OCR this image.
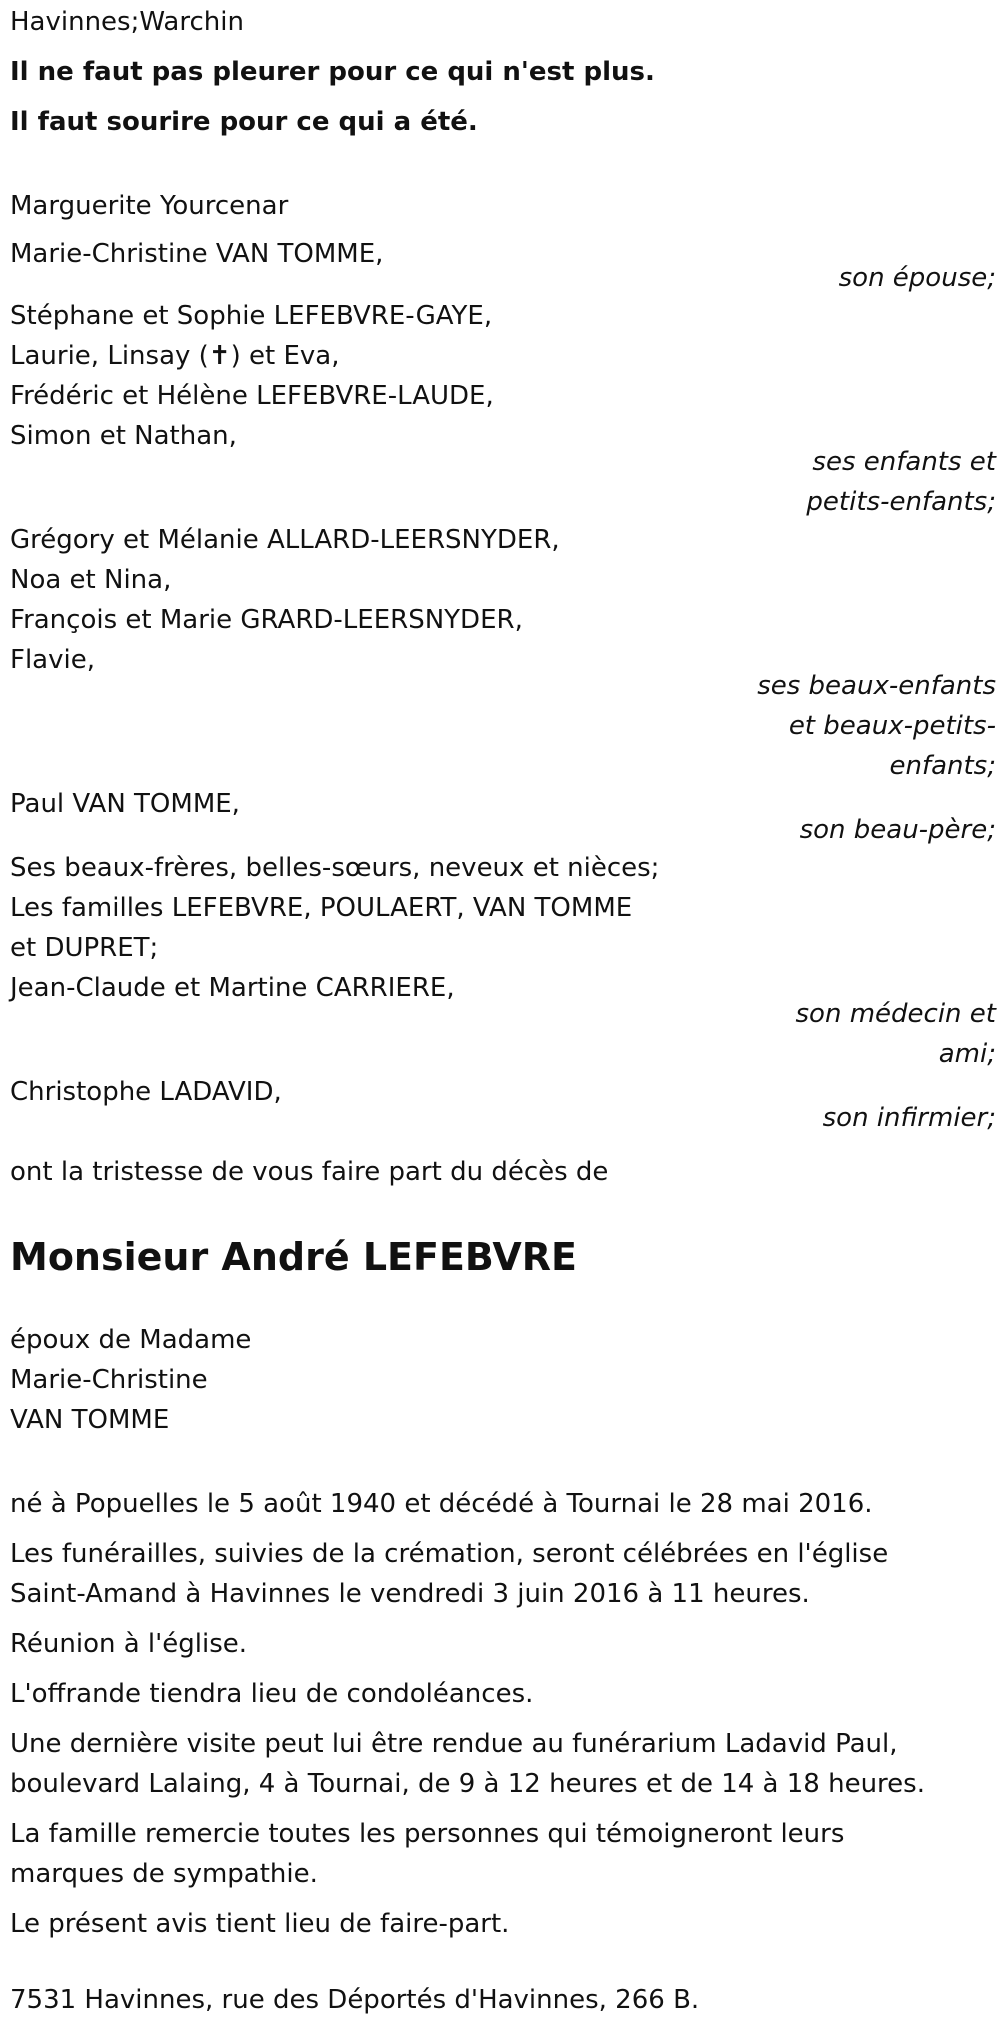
Havinnes;Warchin
Il ne faut pas pleurer pour ce qui n'est plus.
Il faut sourire pour ce qui a été.
Marguerite Yourcenar
Marie-Christine VAN TOMME,
son épouse;
Stéphane et Sophie LEFEBVRE-GAYE,
Laurie, Linsay (✝) et Eva,
Frédéric et Hélène LEFEBVRE-LAUDE,
Simon et Nathan,
ses enfants et
petits-enfants;
Grégory et Mélanie ALLARD-LEERSNYDER,
Noa et Nina,
François et Marie GRARD-LEERSNYDER,
Flavie,
ses beaux-enfants
et beaux-petits-
enfants;
Paul VAN TOMME,
son beau-père;
Ses beaux-frères, belles-sœurs, neveux et nièces;
Les familles LEFEBVRE, POULAERT, VAN TOMME
et DUPRET;
Jean-Claude et Martine CARRIERE,
son médecin et
ami;
Christophe LADAVID,
son infirmier;
ont la tristesse de vous faire part du décès de
Monsieur André LEFEBVRE
époux de Madame
Marie-Christine
VAN TOMME
né à Popuelles le 5 août 1940 et décédé à Tournai le 28 mai 2016.
Les funérailles, suivies de la crémation, seront célébrées en l'église
Saint-Amand à Havinnes le vendredi 3 juin 2016 à 11 heures.
Réunion à l'église.
L'offrande tiendra lieu de condoléances.
Une dernière visite peut lui être rendue au funérarium Ladavid Paul,
boulevard Lalaing, 4 à Tournai, de 9 à 12 heures et de 14 à 18 heures.
La famille remercie toutes les personnes qui témoigneront leurs
marques de sympathie.
Le présent avis tient lieu de faire-part.
7531 Havinnes, rue des Déportés d'Havinnes, 266 B.
